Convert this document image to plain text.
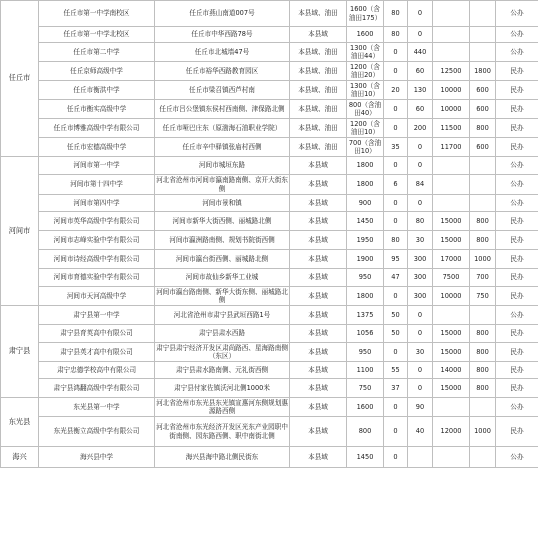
任丘市	任丘市第一中学南校区	任丘市燕山南道007号	本县域、油田	1600（含油田175）	80	0			公办
	任丘市第一中学北校区	任丘市中华西路78号	本县域	1600	80	0			公办
	任丘市第二中学	任丘市北城墙47号	本县域、油田	1300（含油田44）	0	440			公办
	任丘京师高级中学	任丘市裕华西路教育园区	本县域、油田	1200（含油田20）	0	60	12500	1800	民办
	任丘市衡洪中学	任丘市梁召镇西芦村南	本县域、油田	1300（含油田10）	20	130	10000	600	民办
	任丘市衡实高级中学	任丘市吕公堡镇东侯村西南侧、津保路北侧	本县域、油田	800（含油田40）	0	60	10000	600	民办
	任丘市博雅高级中学有限公司	任丘市哑巴庄东（原渤海石油职业学院）	本县域、油田	1200（含油田10）	0	200	11500	800	民办
	任丘市宏德高级中学	任丘市辛中驿镇张庙村西侧	本县域、油田	700（含油田10）	35	0	11700	600	民办
河间市	河间市第一中学	河间市城垣东路	本县域	1800	0	0			公办
	河间市第十四中学	河北省沧州市河间市瀛南路南侧、京开大街东侧	本县域	1800	6	84			公办
	河间市第四中学	河间市景和镇	本县域	900	0	0			公办
	河间市英华高级中学有限公司	河间市新华大街西侧、丽城路北侧	本县域	1450	0	80	15000	800	民办
	河间市志峰实验中学有限公司	河间市瀛洲路南侧、规划书院街西侧	本县域	1950	80	30	15000	800	民办
	河间市诗经高级中学有限公司	河间市瀛台街西侧、丽城路北侧	本县域	1900	95	300	17000	1000	民办
	河间市育德实验中学有限公司	河间市故仙乡新华工业城	本县域	950	47	300	7500	700	民办
	河间市天河高级中学	河间市瀛台路南侧、新华大街东侧、丽城路北侧	本县域	1800	0	300	10000	750	民办
肃宁县	肃宁县第一中学	河北省沧州市肃宁县武垣西路1号	本县域	1375	50	0			公办
	肃宁县育英高中有限公司	肃宁县肃水西路	本县域	1056	50	0	15000	800	民办
	肃宁县英才高中有限公司	肃宁县肃宁经济开发区肃尚路西、星海路南侧（东区）	本县域	950	0	30	15000	800	民办
	肃宁忠德学校高中有限公司	肃宁县肃水路南侧、元礼街西侧	本县域	1100	55	0	14000	800	民办
	肃宁县鸿翻高级中学有限公司	肃宁县付家佐镇沃河北侧1000米	本县域	750	37	0	15000	800	民办
东光县	东光县第一中学	河北省沧州市东光县东光镇宣惠河东侧规划惠源路西侧	本县域	1600	0	90			公办
	东光县衡立高级中学有限公司	河北省沧州市东光经济开发区光东产业园职中街南侧、园东路西侧、职中南街北侧	本县域	800	0	40	12000	1000	民办
海兴	海兴县中学	海兴县海中路北侧民街东	本县域	1450	0				公办
